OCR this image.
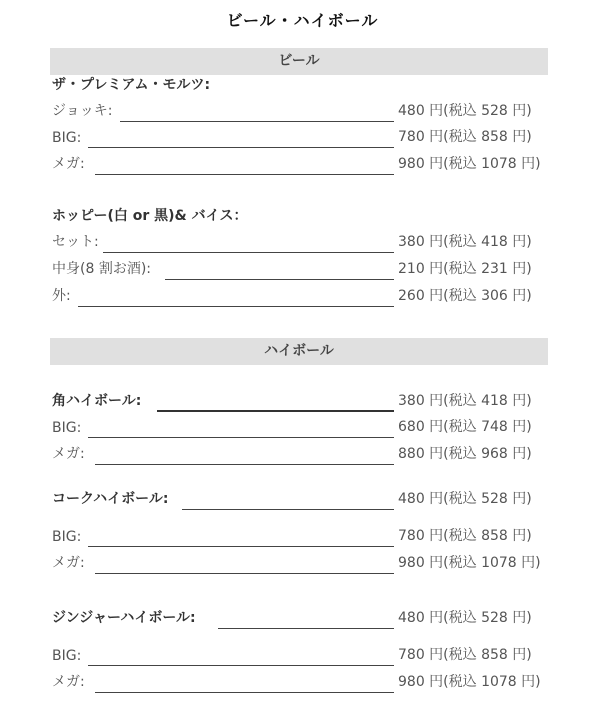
ビール・ハイボール
ビール
ザ・プレミアム・モルツ:
ジョッキ:	480 円(税込 528 円)
BIG:	780 円(税込 858 円)
メガ:	980 円(税込 1078 円)
ホッピー(白 or 黒)& バイス：
セット:	380 円(税込 418 円)
中身(8 割お酒):	210 円(税込 231 円)
外:	260 円(税込 306 円)
ハイボール
角ハイボール:	380 円(税込 418 円)
BIG:	680 円(税込 748 円)
メガ:	880 円(税込 968 円)
コークハイボール:	480 円(税込 528 円)
BIG:	780 円(税込 858 円)
メガ:	980 円(税込 1078 円)
ジンジャーハイボール:	480 円(税込 528 円)
BIG:	780 円(税込 858 円)
メガ:	980 円(税込 1078 円)
